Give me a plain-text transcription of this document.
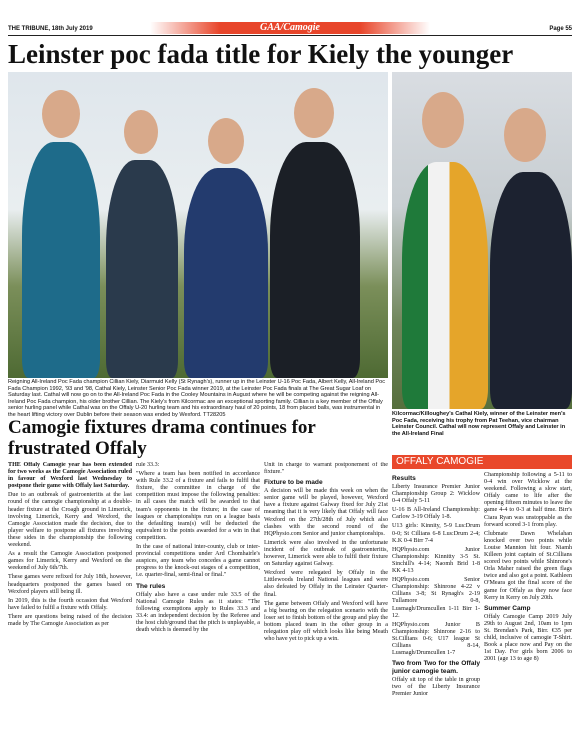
THE TRIBUNE, 18th July 2019	GAA/Camogie	Page 55
Leinster poc fada title for Kiely the younger
Reigning All-Ireland Poc Fada champion Cillian Kiely, Diarmuid Kelly (St Rynagh's), runner up in the Leinster U-16 Poc Fada, Albert Kelly, All-Ireland Poc Fada Champion 1992, '93 and '98, Cathal Kiely, Leinster Senior Poc Fada winner 2019, at the Leinster Poc Fada finals at The Great Sugar Loaf on Saturday last. Cathal will now go on to the All-Ireland Poc Fada in the Cooley Mountains in August where he will be competing against the reigning All-Ireland Poc Fada champion, his older brother Cillian. The Kiely's from Kilcormac are an exceptional sporting family. Cillian is a key member of the Offaly senior hurling panel while Cathal was on the Offaly U-20 hurling team and his extraordinary haul of 20 points, 18 from placed balls, was instrumental in the heart lifting victory over Dublin before their season was ended by Wexford. TT28205	Kilcormac/Killoughey's Cathal Kiely, winner of the Leinster men's Poc Fada, receiving his trophy from Pat Teehan, vice chairman Leinster Council. Cathal will now represent Offaly and Leinster in the All-Ireland Final
Camogie fixtures drama continues for frustrated Offaly
OFFALY CAMOGIE

THE Offaly Camogie year has been extended for two weeks as the Camogie Association ruled in favour of Wexford last Wednesday to postpone their game with Offaly last Saturday.

Due to an outbreak of gastroenteritis at the last round of the camogie championship at a double-header fixture at the Croagh ground in Limerick, involving Limerick, Kerry and Wexford, the Camogie Association made the decision, due to player welfare to postpone all fixtures involving these sides in the championship the following weekend.

As a result the Camogie Association postponed games for Limerick, Kerry and Wexford on the weekend of July 6th/7th.

These games were refixed for July 18th, however, headquarters postponed the games based on Wexford players still being ill.

In 2019, this is the fourth occasion that Wexford have failed to fulfil a fixture with Offaly.

There are questions being raised of the decision made by The Camogie Association as per

rule 33.3:

"Where a team has been notified in accordance with Rule 33.2 of a fixture and fails to fulfil that fixture, the committee in charge of the competition must impose the following penalties: in all cases the match will be awarded to that team's opponents in the fixture; in the case of leagues or championships run on a league basis the defaulting team(s) will be deducted the equivalent to the points awarded for a win in that competition.

In the case of national inter-county, club or inter-provincial competitions under Ard Chomhairle's auspices, any team who concedes a game cannot progress to the knock-out stages of a competition, i.e. quarter-final, semi-final or final."

The rules

Offaly also have a case under rule 33.5 of the National Camogie Rules as it states: "The following exemptions apply to Rules 33.3 and 33.4: an independent decision by the Referee and the host club/ground that the pitch is unplayable, a death which is deemed by the

Unit in charge to warrant postponement of the fixture."

Fixture to be made

A decision will be made this week on when the senior game will be played, however, Wexford have a fixture against Galway fixed for July 21st meaning that it is very likely that Offaly will face Wexford on the 27th/28th of July which also clashes with the second round of the HQPhysio.com Senior and junior championships.

Limerick were also involved in the unfortunate incident of the outbreak of gastroenteritis, however, Limerick were able to fulfil their fixture on Saturday against Galway.

Wexford were relegated by Offaly in the Littlewoods Ireland National leagues and were also defeated by Offaly in the Leinster Quarter-final.

The game between Offaly and Wexford will have a big bearing on the relegation scenario with the loser set to finish bottom of the group and play the bottom placed team in the other group in a relegation play off which looks like being Meath who have yet to pick up a win.

Results

Liberty Insurance Premier Junior Championship Group 2: Wicklow 0-4 Offaly 5-11

U-16 B All-Ireland Championship: Carlow 3-19 Offaly 1-8.

U13 girls: Kinnity, 5-9 Lus:Drum 0-0; St Cillians 6-8 Lus:Drum 2-4; K.K 0-4 Birr 7-4

HQPhysio.com Junior Championship: Kinnitty 3-5 St. Sinchill's 4-14; Naomh Brid 1-8 KK 4-13

HQPhysio.com Senior Championship: Shinrone 4-22 v Cillians 3-8; St Rynagh's 2-19 Tullamore 0-8, Lusmagh/Drumcullen 1-11 Birr 1-12.

HQPhysio.com Junior B Championship: Shinrone 2-16 to St.Cillians 0-6; U17 league St Cillians 8-14, Lusmagh/Drumcullen 1-7

Two from Two for the Offaly junior camogie team.

Offaly sit top of the table in group two of the Liberty Insurance Premier Junior

Championship following a 5-11 to 0-4 win over Wicklow at the weekend. Following a slow start, Offaly came to life after the opening fifteen minutes to leave the game 4-4 to 0-3 at half time. Birr's Ciara Ryan was unstoppable as the forward scored 3-1 from play.

Clubmate Dawn Whelahan knocked over two points while Louise Mannion hit four. Niamh Killeen joint captain of St.Cillians scored two points while Shinrone's Orla Maher raised the green flags twice and also got a point. Kathleen O'Meara got the final score of the game for Offaly as they now face Kerry in Kerry on July 20th.

Summer Camp

Offaly Camogie Camp 2019 July 29th to August 2nd, 10am to 1pm St. Brendan's Park, Birr. €35 per child, inclusive of camogie T-Shirt. Book a place now and Pay on the 1st Day. For girls born 2006 to 2001 (age 13 to age 8)
